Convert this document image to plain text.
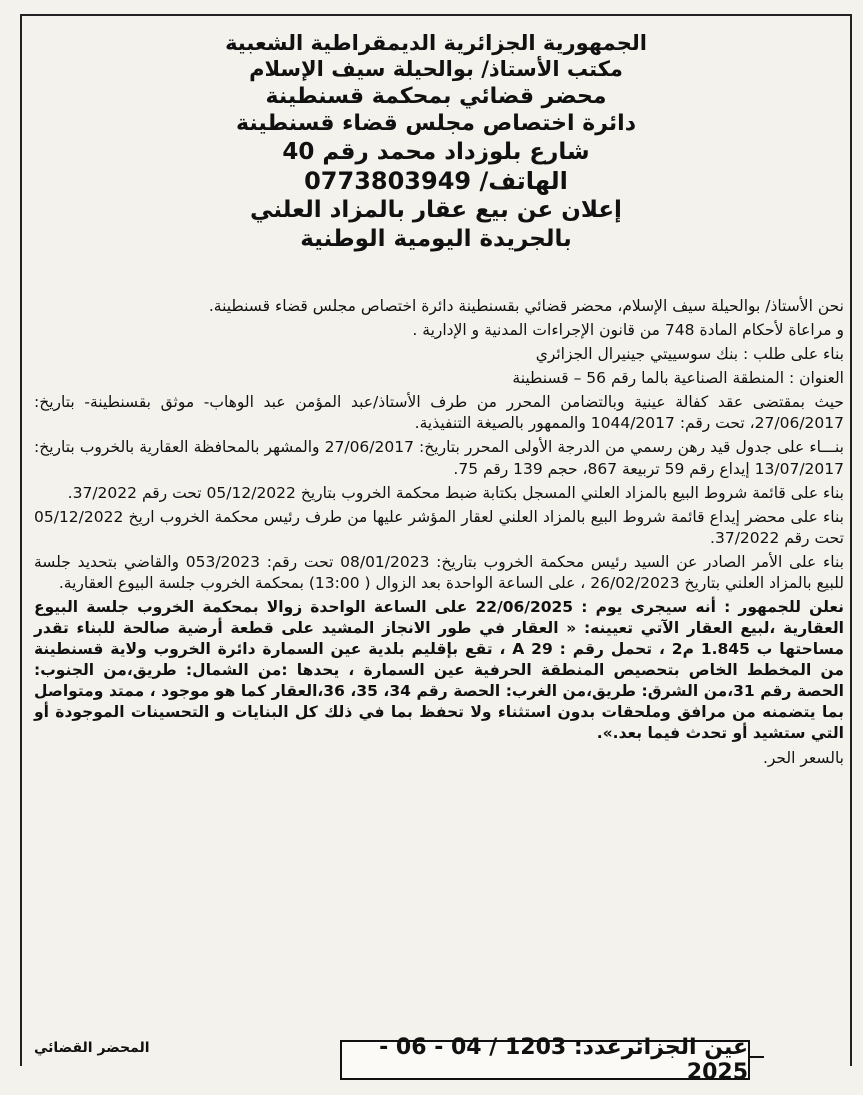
الجمهورية الجزائرية الديمقراطية الشعبية
مكتب الأستاذ/ بوالحيلة سيف الإسلام
محضر قضائي بمحكمة قسنطينة
دائرة اختصاص مجلس قضاء قسنطينة
شارع بلوزداد محمد رقم 40
الهاتف/ 0773803949
إعلان عن بيع عقار بالمزاد العلني
بالجريدة اليومية الوطنية

نحن الأستاذ/ بوالحيلة سيف الإسلام، محضر قضائي بقسنطينة دائرة اختصاص مجلس قضاء قسنطينة.

و مراعاة لأحكام المادة 748 من قانون الإجراءات المدنية و الإدارية .

بناء على طلب : بنك سوسييتي جينيرال الجزائري

العنوان : المنطقة الصناعية بالما رقم 56 – قسنطينة

حيث بمقتضى عقد كفالة عينية وبالتضامن المحرر من طرف الأستاذ/عبد المؤمن عبد الوهاب- موثق بقسنطينة- بتاريخ: 27/06/2017، تحت رقم: 1044/2017 والممهور بالصيغة التنفيذية.

بنـــاء على جدول قيد رهن رسمي من الدرجة الأولى المحرر بتاريخ: 27/06/2017 والمشهر بالمحافظة العقارية بالخروب بتاريخ: 13/07/2017 إيداع رقم 59 تربيعة 867، حجم 139 رقم 75.

بناء على قائمة شروط البيع بالمزاد العلني المسجل بكتابة ضبط محكمة الخروب بتاريخ 05/12/2022 تحت رقم 37/2022.

بناء على محضر إيداع قائمة شروط البيع بالمزاد العلني لعقار المؤشر عليها من طرف رئيس محكمة الخروب اريخ 05/12/2022 تحت رقم 37/2022.

بناء على الأمر الصادر عن السيد رئيس محكمة الخروب بتاريخ: 08/01/2023 تحت رقم: 053/2023 والقاضي بتحديد جلسة للبيع بالمزاد العلني بتاريخ 26/02/2023 ، على الساعة الواحدة بعد الزوال ( 13:00) بمحكمة الخروب جلسة البيوع العقارية.

نعلن للجمهور : أنه سيجرى يوم : 22/06/2025 على الساعة الواحدة زوالا بمحكمة الخروب جلسة البيوع العقارية ،لبيع العقار الآتي تعيينه: « العقار في طور الانجاز المشيد على قطعة أرضية صالحة للبناء تقدر مساحتها ب 1.845 م2 ، تحمل رقم : A 29 ، تقع بإقليم بلدية عين السمارة دائرة الخروب ولاية قسنطينة من المخطط الخاص بتحصيص المنطقة الحرفية عين السمارة ، يحدها :من الشمال: طريق،من الجنوب: الحصة رقم 31،من الشرق: طريق،من الغرب: الحصة رقم 34، 35، 36،العقار كما هو موجود ، ممتد ومتواصل بما يتضمنه من مرافق وملحقات بدون استثناء ولا تحفظ بما في ذلك كل البنايات و التحسينات الموجودة أو التي ستشيد أو تحدث فيما بعد.».

بالسعر الحر.

عين الجزائرعدد: 1203 / 04 - 06 - 2025
المحضر القضائي
